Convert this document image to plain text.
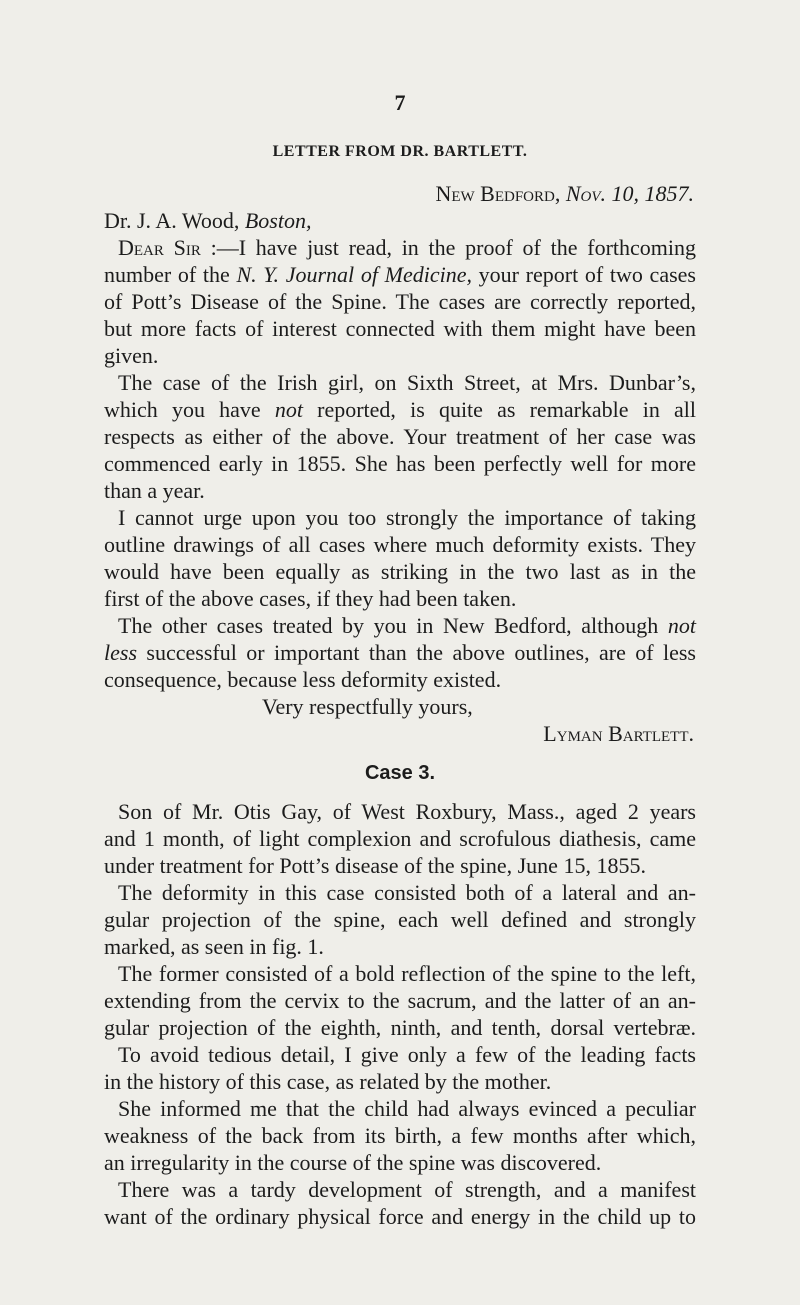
7
LETTER FROM DR. BARTLETT.
New Bedford, Nov. 10, 1857.
Dr. J. A. Wood, Boston,
Dear Sir :—I have just read, in the proof of the forthcoming
number of the N. Y. Journal of Medicine, your report of two cases
of Pott’s Disease of the Spine. The cases are correctly reported,
but more facts of interest connected with them might have been
given.
The case of the Irish girl, on Sixth Street, at Mrs. Dunbar’s,
which you have not reported, is quite as remarkable in all
respects as either of the above. Your treatment of her case was
commenced early in 1855. She has been perfectly well for more
than a year.
I cannot urge upon you too strongly the importance of taking
outline drawings of all cases where much deformity exists. They
would have been equally as striking in the two last as in the
first of the above cases, if they had been taken.
The other cases treated by you in New Bedford, although not
less successful or important than the above outlines, are of less
consequence, because less deformity existed.
Very respectfully yours,
Lyman Bartlett.
Case 3.
Son of Mr. Otis Gay, of West Roxbury, Mass., aged 2 years
and 1 month, of light complexion and scrofulous diathesis, came
under treatment for Pott’s disease of the spine, June 15, 1855.
The deformity in this case consisted both of a lateral and an-
gular projection of the spine, each well defined and strongly
marked, as seen in fig. 1.
The former consisted of a bold reflection of the spine to the left,
extending from the cervix to the sacrum, and the latter of an an-
gular projection of the eighth, ninth, and tenth, dorsal vertebræ.
To avoid tedious detail, I give only a few of the leading facts
in the history of this case, as related by the mother.
She informed me that the child had always evinced a peculiar
weakness of the back from its birth, a few months after which,
an irregularity in the course of the spine was discovered.
There was a tardy development of strength, and a manifest
want of the ordinary physical force and energy in the child up to
